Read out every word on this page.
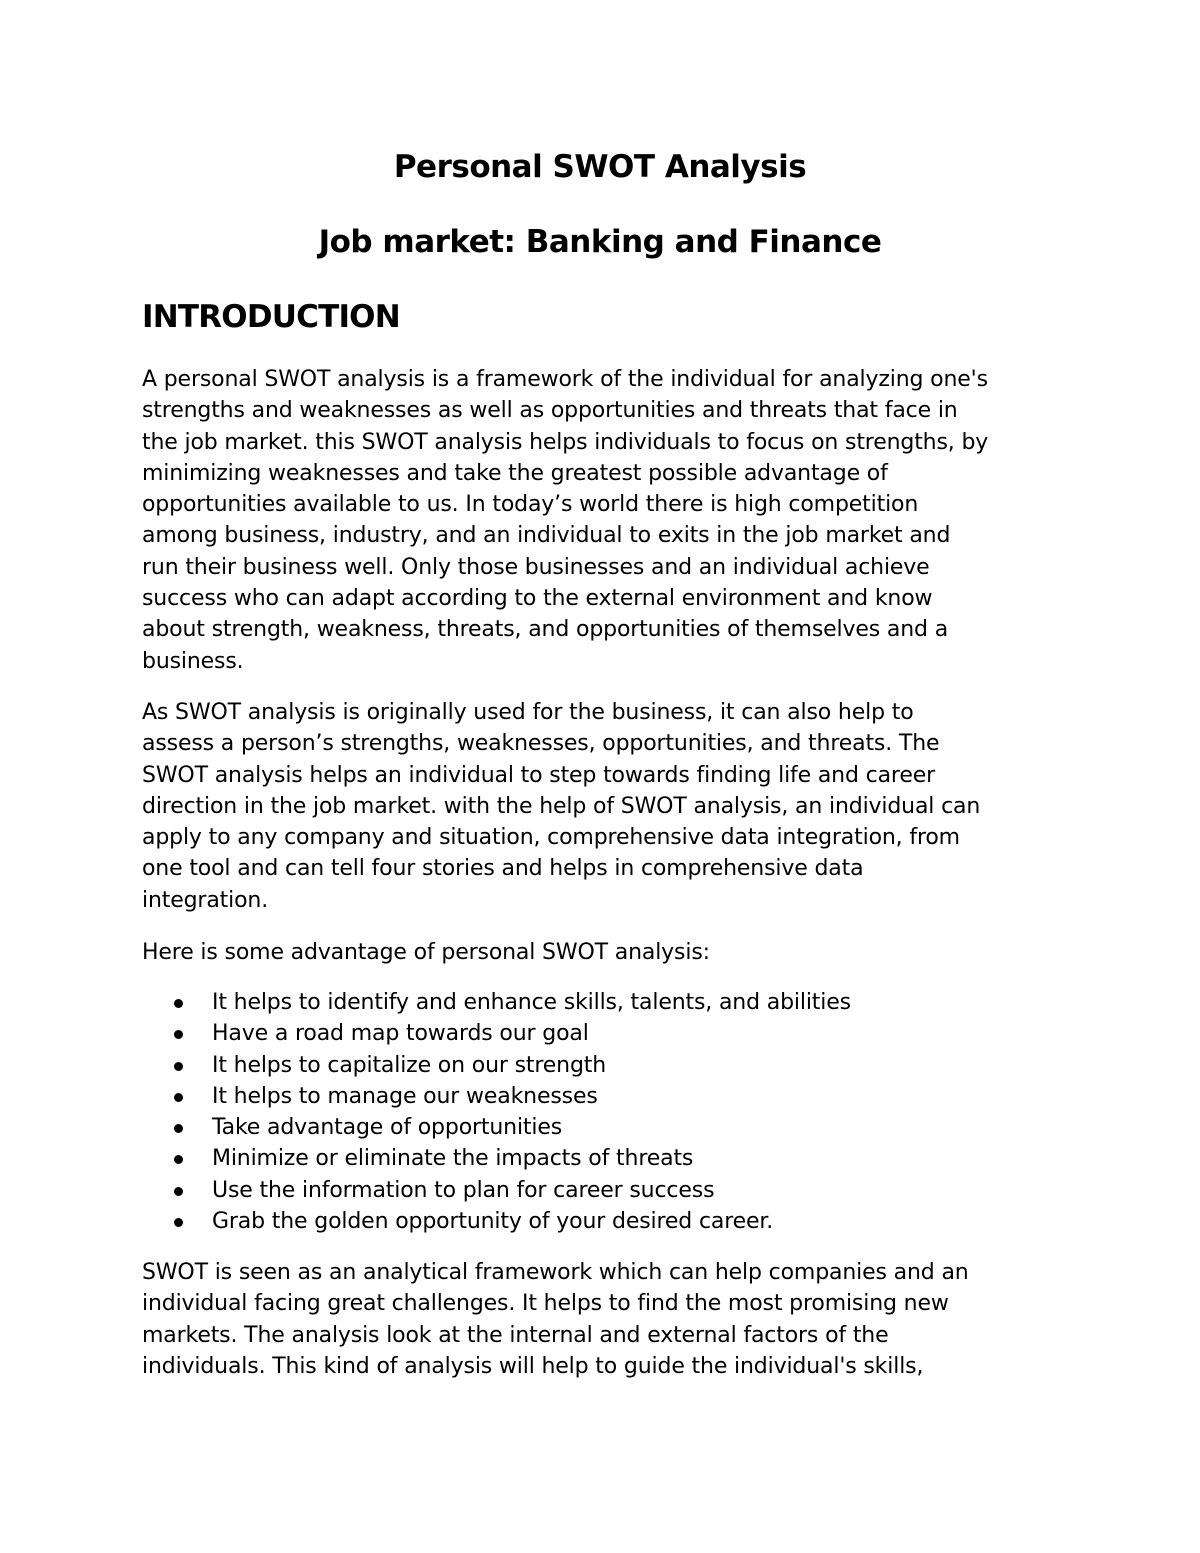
Personal SWOT Analysis
Job market: Banking and Finance
INTRODUCTION

A personal SWOT analysis is a framework of the individual for analyzing one's
strengths and weaknesses as well as opportunities and threats that face in
the job market. this SWOT analysis helps individuals to focus on strengths, by
minimizing weaknesses and take the greatest possible advantage of
opportunities available to us. In today’s world there is high competition
among business, industry, and an individual to exits in the job market and
run their business well. Only those businesses and an individual achieve
success who can adapt according to the external environment and know
about strength, weakness, threats, and opportunities of themselves and a
business.

As SWOT analysis is originally used for the business, it can also help to
assess a person’s strengths, weaknesses, opportunities, and threats. The
SWOT analysis helps an individual to step towards finding life and career
direction in the job market. with the help of SWOT analysis, an individual can
apply to any company and situation, comprehensive data integration, from
one tool and can tell four stories and helps in comprehensive data
integration.

Here is some advantage of personal SWOT analysis:

It helps to identify and enhance skills, talents, and abilities
Have a road map towards our goal
It helps to capitalize on our strength
It helps to manage our weaknesses
Take advantage of opportunities
Minimize or eliminate the impacts of threats
Use the information to plan for career success
Grab the golden opportunity of your desired career.

SWOT is seen as an analytical framework which can help companies and an
individual facing great challenges. It helps to find the most promising new
markets. The analysis look at the internal and external factors of the
individuals. This kind of analysis will help to guide the individual's skills,
